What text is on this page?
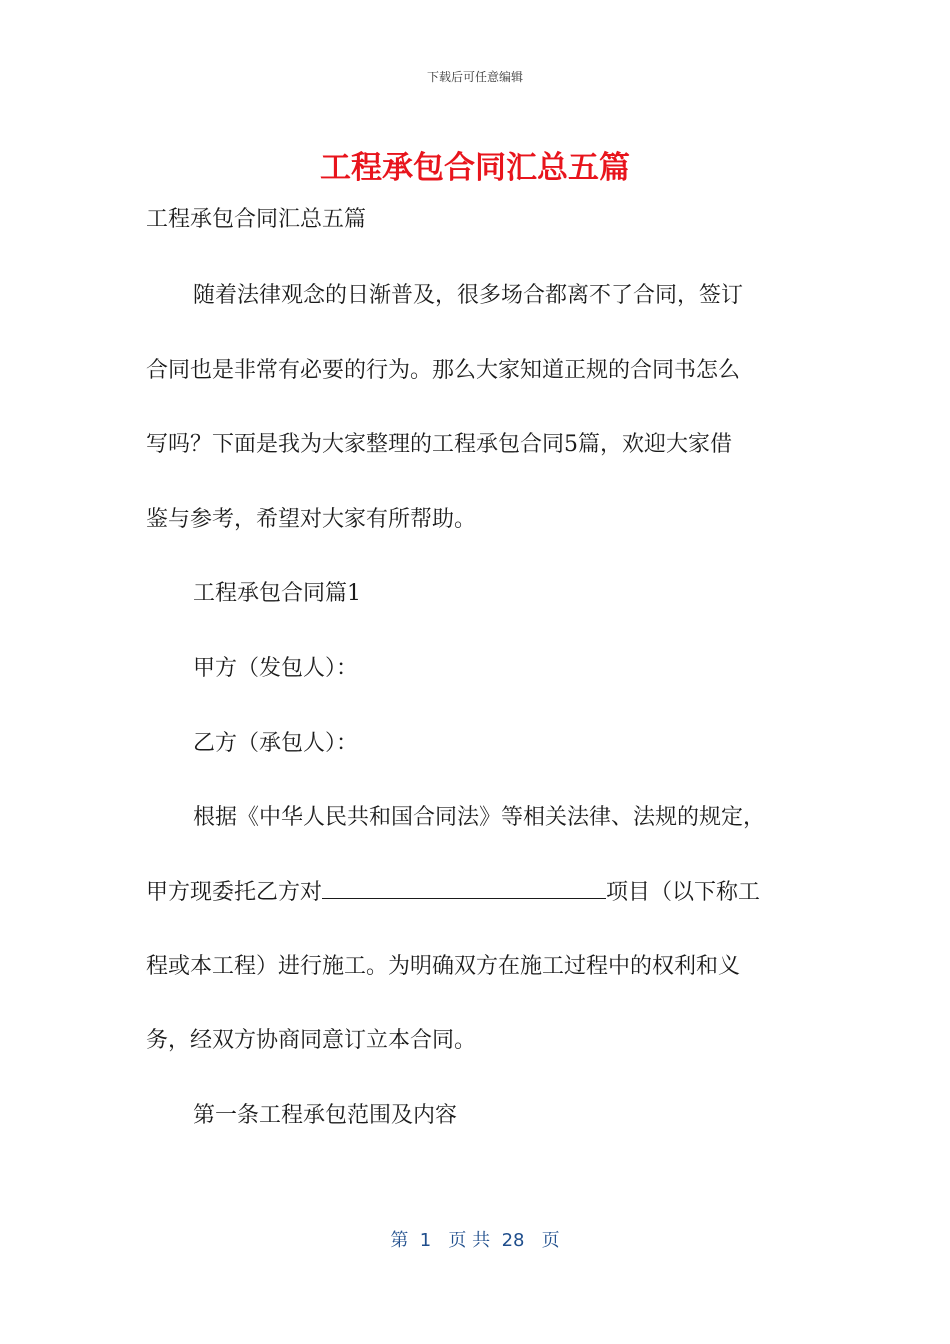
下载后可任意编辑
工程承包合同汇总五篇
工程承包合同汇总五篇
随着法律观念的日渐普及，很多场合都离不了合同，签订
合同也是非常有必要的行为。那么大家知道正规的合同书怎么
写吗？下面是我为大家整理的工程承包合同5篇，欢迎大家借
鉴与参考，希望对大家有所帮助。
工程承包合同篇1
甲方（发包人）：
乙方（承包人）：
根据《中华人民共和国合同法》等相关法律、法规的规定，
甲方现委托乙方对	项目（以下称工
程或本工程）进行施工。为明确双方在施工过程中的权利和义
务，经双方协商同意订立本合同。
第一条工程承包范围及内容
第  1   页 共  28   页
